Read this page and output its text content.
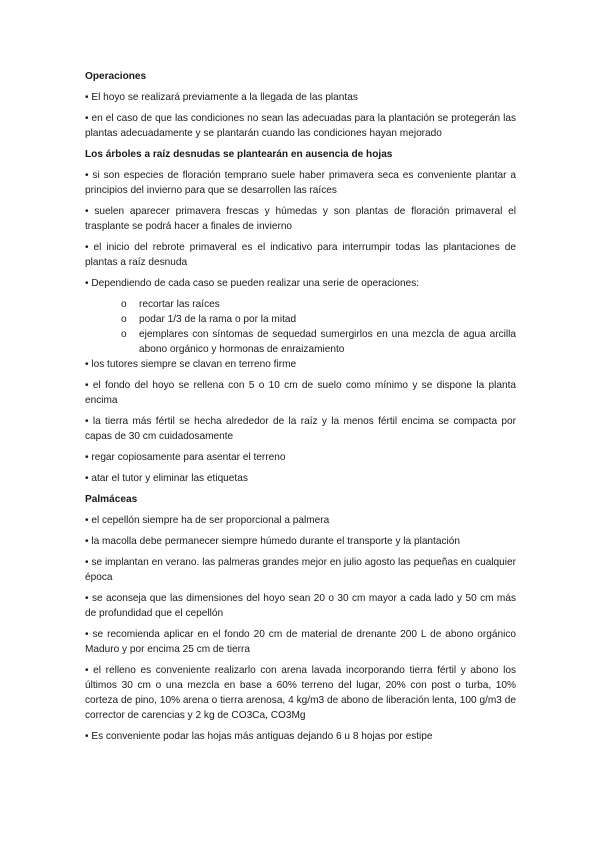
Operaciones
• El hoyo se realizará previamente a la llegada de las plantas
• en el caso de que las condiciones no sean las adecuadas para la plantación se protegerán las plantas adecuadamente y se plantarán cuando las condiciones hayan mejorado
Los árboles a raíz desnudas se plantearán en ausencia de hojas
• si son especies de floración temprano suele haber primavera seca es conveniente plantar a principios del invierno para que se desarrollen las raíces
• suelen aparecer primavera frescas y húmedas y son plantas de floración primaveral el trasplante se podrá hacer a finales de invierno
• el inicio del rebrote primaveral es el indicativo para interrumpir todas las plantaciones de plantas a raíz desnuda
• Dependiendo de cada caso se pueden realizar una serie de operaciones:
o recortar las raíces
o podar 1/3 de la rama o por la mitad
o ejemplares con síntomas de sequedad sumergirlos en una mezcla de agua arcilla abono orgánico y hormonas de enraizamiento
• los tutores siempre se clavan en terreno firme
• el fondo del hoyo se rellena con 5 o 10 cm de suelo como mínimo y se dispone la planta encima
• la tierra más fértil se hecha alrededor de la raíz y la menos fértil encima se compacta por capas de 30 cm cuidadosamente
• regar copiosamente para asentar el terreno
• atar el tutor y eliminar las etiquetas
Palmáceas
• el cepellón siempre ha de ser proporcional a palmera
• la macolla debe permanecer siempre húmedo durante el transporte y la plantación
• se implantan en verano. las palmeras grandes mejor en julio agosto las pequeñas en cualquier época
• se aconseja que las dimensiones del hoyo sean 20 o 30 cm mayor a cada lado y 50 cm más de profundidad que el cepellón
• se recomienda aplicar en el fondo 20 cm de material de drenante 200 L de abono orgánico Maduro y por encima 25 cm de tierra
• el relleno es conveniente realizarlo con arena lavada incorporando tierra fértil y abono los últimos 30 cm o una mezcla en base a 60% terreno del lugar, 20% con post o turba, 10% corteza de pino, 10% arena o tierra arenosa, 4 kg/m3 de abono de liberación lenta, 100 g/m3 de corrector de carencias y 2 kg de CO3Ca, CO3Mg
• Es conveniente podar las hojas más antiguas dejando 6 u 8 hojas por estipe
